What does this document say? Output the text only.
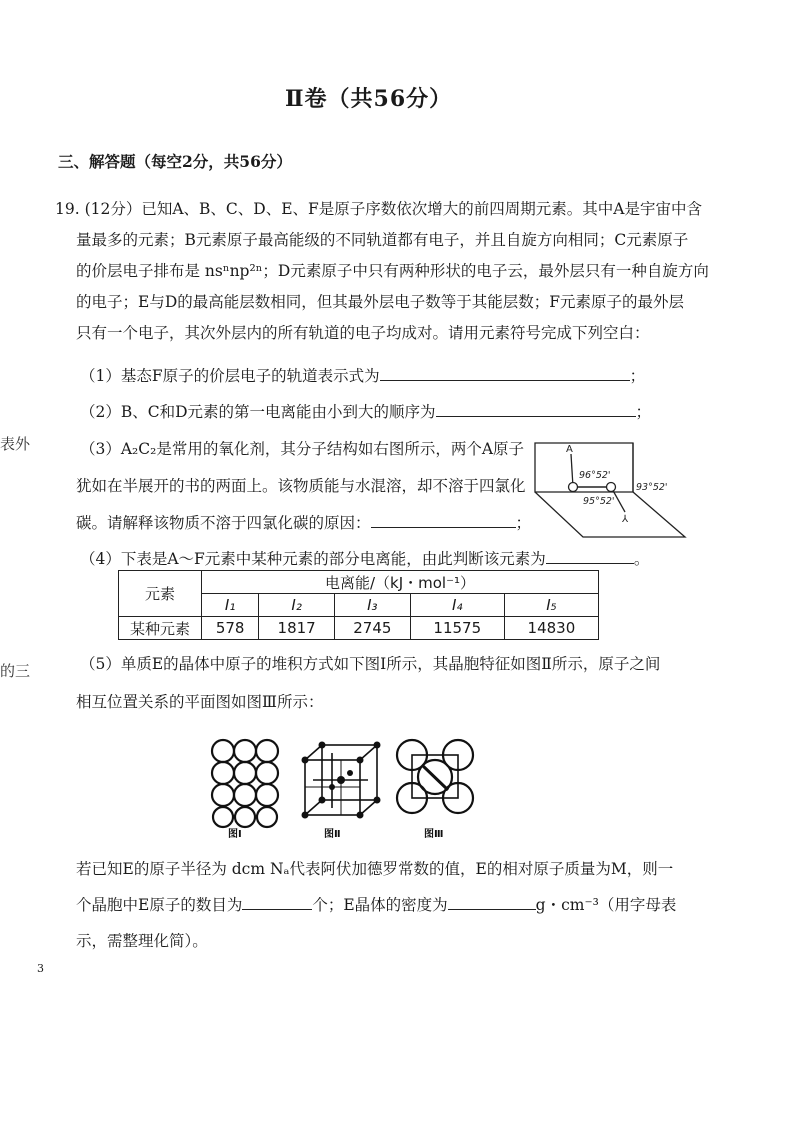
Ⅱ卷（共56分）
三、解答题（每空2分，共56分）
19. (12分）已知A、B、C、D、E、F是原子序数依次增大的前四周期元素。其中A是宇宙中含
量最多的元素；B元素原子最高能级的不同轨道都有电子，并且自旋方向相同；C元素原子
的价层电子排布是 nsⁿnp²ⁿ；D元素原子中只有两种形状的电子云，最外层只有一种自旋方向
的电子；E与D的最高能层数相同，但其最外层电子数等于其能层数；F元素原子的最外层
只有一个电子，其次外层内的所有轨道的电子均成对。请用元素符号完成下列空白：
（1）基态F原子的价层电子的轨道表示式为	；
（2）B、C和D元素的第一电离能由小到大的顺序为	；
（3）A₂C₂是常用的氧化剂，其分子结构如右图所示，两个A原子
犹如在半展开的书的两面上。该物质能与水混溶，却不溶于四氯化
碳。请解释该物质不溶于四氯化碳的原因：	；
A
⅄
96°52'
93°52'
95°52'
（4）下表是A～F元素中某种元素的部分电离能，由此判断该元素为	。
元素	电离能/（kJ・mol⁻¹）				
	I₁	I₂	I₃	I₄	I₅
某种元素	578	1817	2745	11575	14830
（5）单质E的晶体中原子的堆积方式如下图Ⅰ所示，其晶胞特征如图Ⅱ所示，原子之间
相互位置关系的平面图如图Ⅲ所示：
图Ⅰ	图Ⅱ	图Ⅲ
若已知E的原子半径为 dcm Nₐ代表阿伏加德罗常数的值，E的相对原子质量为M，则一
个晶胞中E原子的数目为	个；E晶体的密度为	g・cm⁻³（用字母表
示，需整理化简）。
表外
的三
3
